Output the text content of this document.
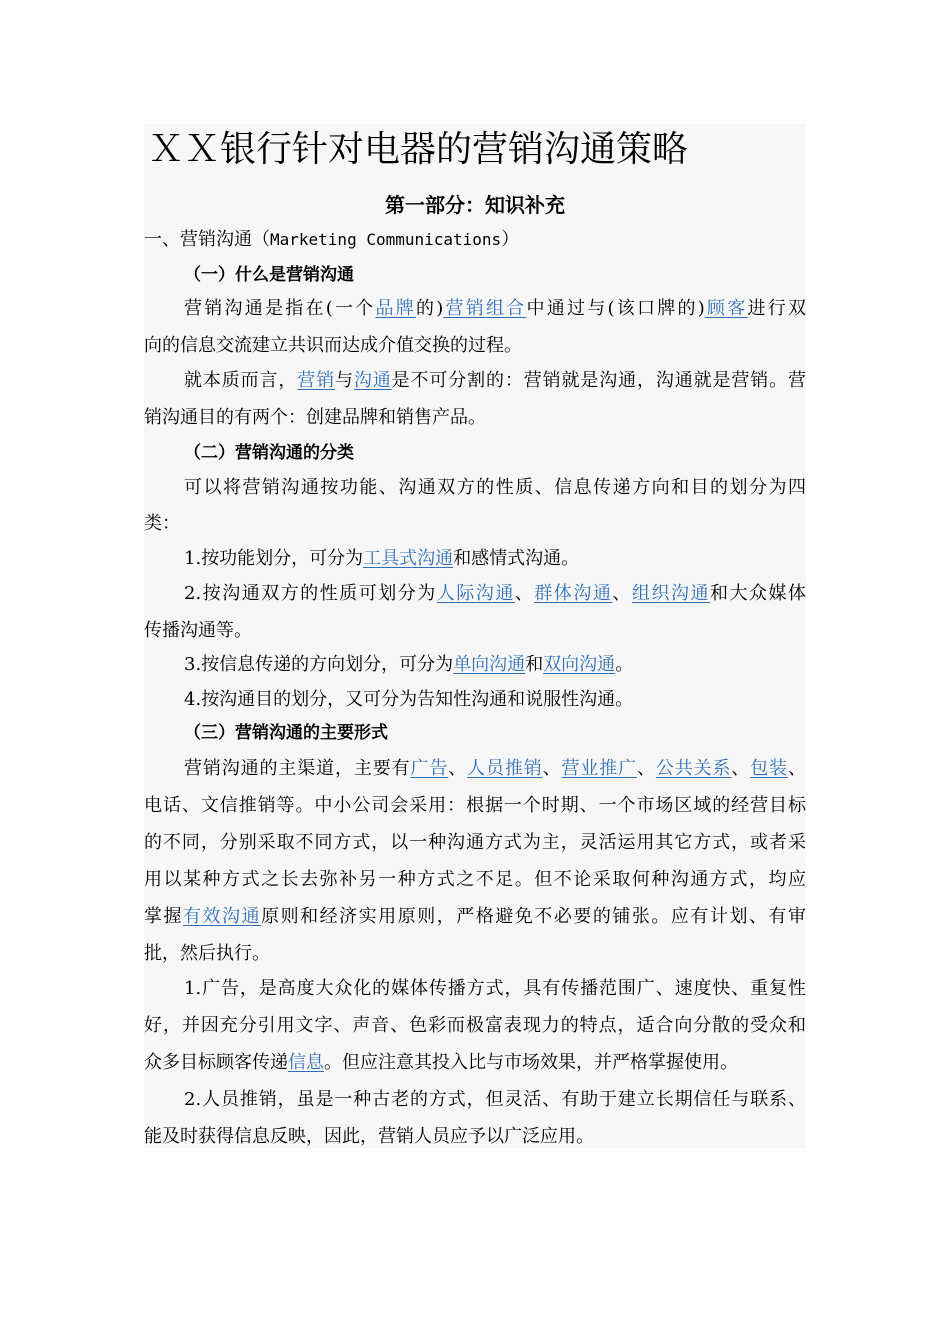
ＸＸ银行针对电器的营销沟通策略
第一部分：知识补充
一、营销沟通（Marketing Communications）
（一）什么是营销沟通
营销沟通是指在(一个品牌的)营销组合中通过与(该口牌的)顾客进行双
向的信息交流建立共识而达成介值交换的过程。
就本质而言，营销与沟通是不可分割的：营销就是沟通，沟通就是营销。营
销沟通目的有两个：创建品牌和销售产品。
（二）营销沟通的分类
可以将营销沟通按功能、沟通双方的性质、信息传递方向和目的划分为四
类：
1.按功能划分，可分为工具式沟通和感情式沟通。
2.按沟通双方的性质可划分为人际沟通、群体沟通、组织沟通和大众媒体
传播沟通等。
3.按信息传递的方向划分，可分为单向沟通和双向沟通。
4.按沟通目的划分，又可分为告知性沟通和说服性沟通。
（三）营销沟通的主要形式
营销沟通的主渠道，主要有广告、人员推销、营业推广、公共关系、包装、
电话、文信推销等。中小公司会采用：根据一个时期、一个市场区域的经营目标
的不同，分别采取不同方式，以一种沟通方式为主，灵活运用其它方式，或者采
用以某种方式之长去弥补另一种方式之不足。但不论采取何种沟通方式，均应
掌握有效沟通原则和经济实用原则，严格避免不必要的铺张。应有计划、有审
批，然后执行。
1.广告，是高度大众化的媒体传播方式，具有传播范围广、速度快、重复性
好，并因充分引用文字、声音、色彩而极富表现力的特点，适合向分散的受众和
众多目标顾客传递信息。但应注意其投入比与市场效果，并严格掌握使用。
2.人员推销，虽是一种古老的方式，但灵活、有助于建立长期信任与联系、
能及时获得信息反映，因此，营销人员应予以广泛应用。
